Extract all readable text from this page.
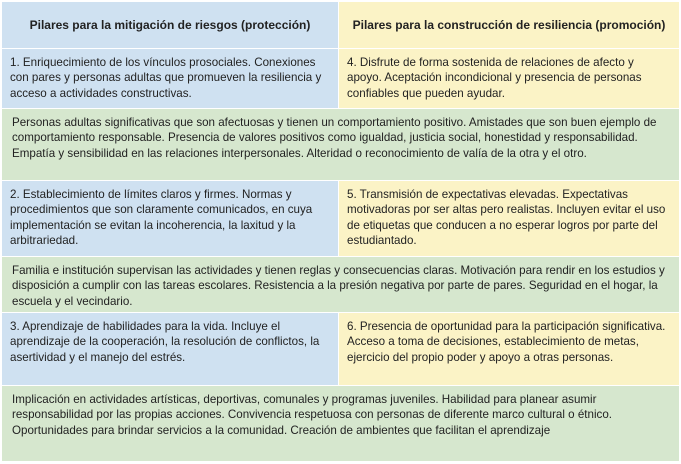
Pilares para la mitigación de riesgos (protección)	Pilares para la construcción de resiliencia (promoción)
1. Enriquecimiento de los vínculos prosociales. Conexiones con pares y personas adultas que promueven la resiliencia y acceso a actividades constructivas.
4. Disfrute de forma sostenida de relaciones de afecto y apoyo. Aceptación incondicional y presencia de personas confiables que pueden ayudar.
Personas adultas significativas que son afectuosas y tienen un comportamiento positivo. Amistades que son buen ejemplo de comportamiento responsable. Presencia de valores positivos como igualdad, justicia social, honestidad y responsabilidad. Empatía y sensibilidad en las relaciones interpersonales. Alteridad o reconocimiento de valía de la otra y el otro.
2. Establecimiento de límites claros y firmes. Normas y procedimientos que son claramente comunicados, en cuya implementación se evitan la incoherencia, la laxitud y la arbitrariedad.
5. Transmisión de expectativas elevadas. Expectativas motivadoras por ser altas pero realistas. Incluyen evitar el uso de etiquetas que conducen a no esperar logros por parte del estudiantado.
Familia e institución supervisan las actividades y tienen reglas y consecuencias claras. Motivación para rendir en los estudios y disposición a cumplir con las tareas escolares. Resistencia a la presión negativa por parte de pares. Seguridad en el hogar, la escuela y el vecindario.
3. Aprendizaje de habilidades para la vida. Incluye el aprendizaje de la cooperación, la resolución de conflictos, la asertividad y el manejo del estrés.
6. Presencia de oportunidad para la participación significativa. Acceso a toma de decisiones, establecimiento de metas, ejercicio del propio poder y apoyo a otras personas.
Implicación en actividades artísticas, deportivas, comunales y programas juveniles. Habilidad para planear asumir responsabilidad por las propias acciones. Convivencia respetuosa con personas de diferente marco cultural o étnico. Oportunidades para brindar servicios a la comunidad. Creación de ambientes que facilitan el aprendizaje
